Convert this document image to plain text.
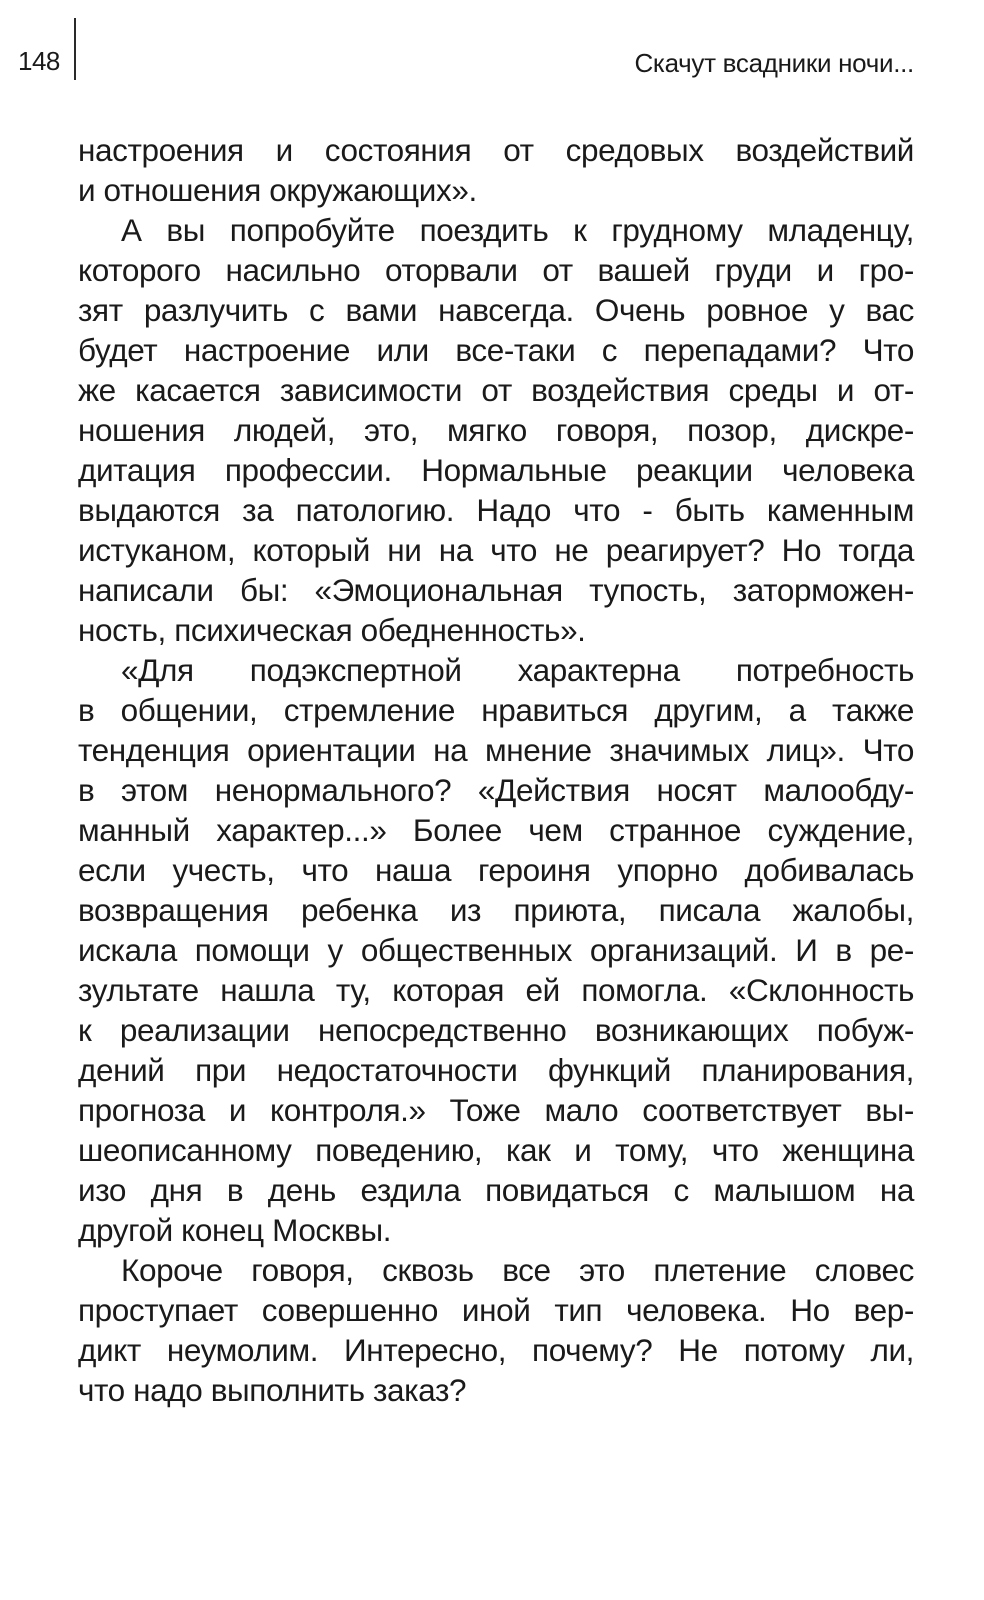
148	Скачут всадники ночи...
настроения и состояния от средовых воздействий
и отношения окружающих».
А вы попробуйте поездить к грудному младенцу,
которого насильно оторвали от вашей груди и гро-
зят разлучить с вами навсегда. Очень ровное у вас
будет настроение или все-таки с перепадами? Что
же касается зависимости от воздействия среды и от-
ношения людей, это, мягко говоря, позор, дискре-
дитация профессии. Нормальные реакции человека
выдаются за патологию. Надо что - быть каменным
истуканом, который ни на что не реагирует? Но тогда
написали бы: «Эмоциональная тупость, заторможен-
ность, психическая обедненность».
«Для подэкспертной характерна потребность
в общении, стремление нравиться другим, а также
тенденция ориентации на мнение значимых лиц». Что
в этом ненормального? «Действия носят малообду-
манный характер...» Более чем странное суждение,
если учесть, что наша героиня упорно добивалась
возвращения ребенка из приюта, писала жалобы,
искала помощи у общественных организаций. И в ре-
зультате нашла ту, которая ей помогла. «Склонность
к реализации непосредственно возникающих побуж-
дений при недостаточности функций планирования,
прогноза и контроля.» Тоже мало соответствует вы-
шеописанному поведению, как и тому, что женщина
изо дня в день ездила повидаться с малышом на
другой конец Москвы.
Короче говоря, сквозь все это плетение словес
проступает совершенно иной тип человека. Но вер-
дикт неумолим. Интересно, почему? Не потому ли,
что надо выполнить заказ?
